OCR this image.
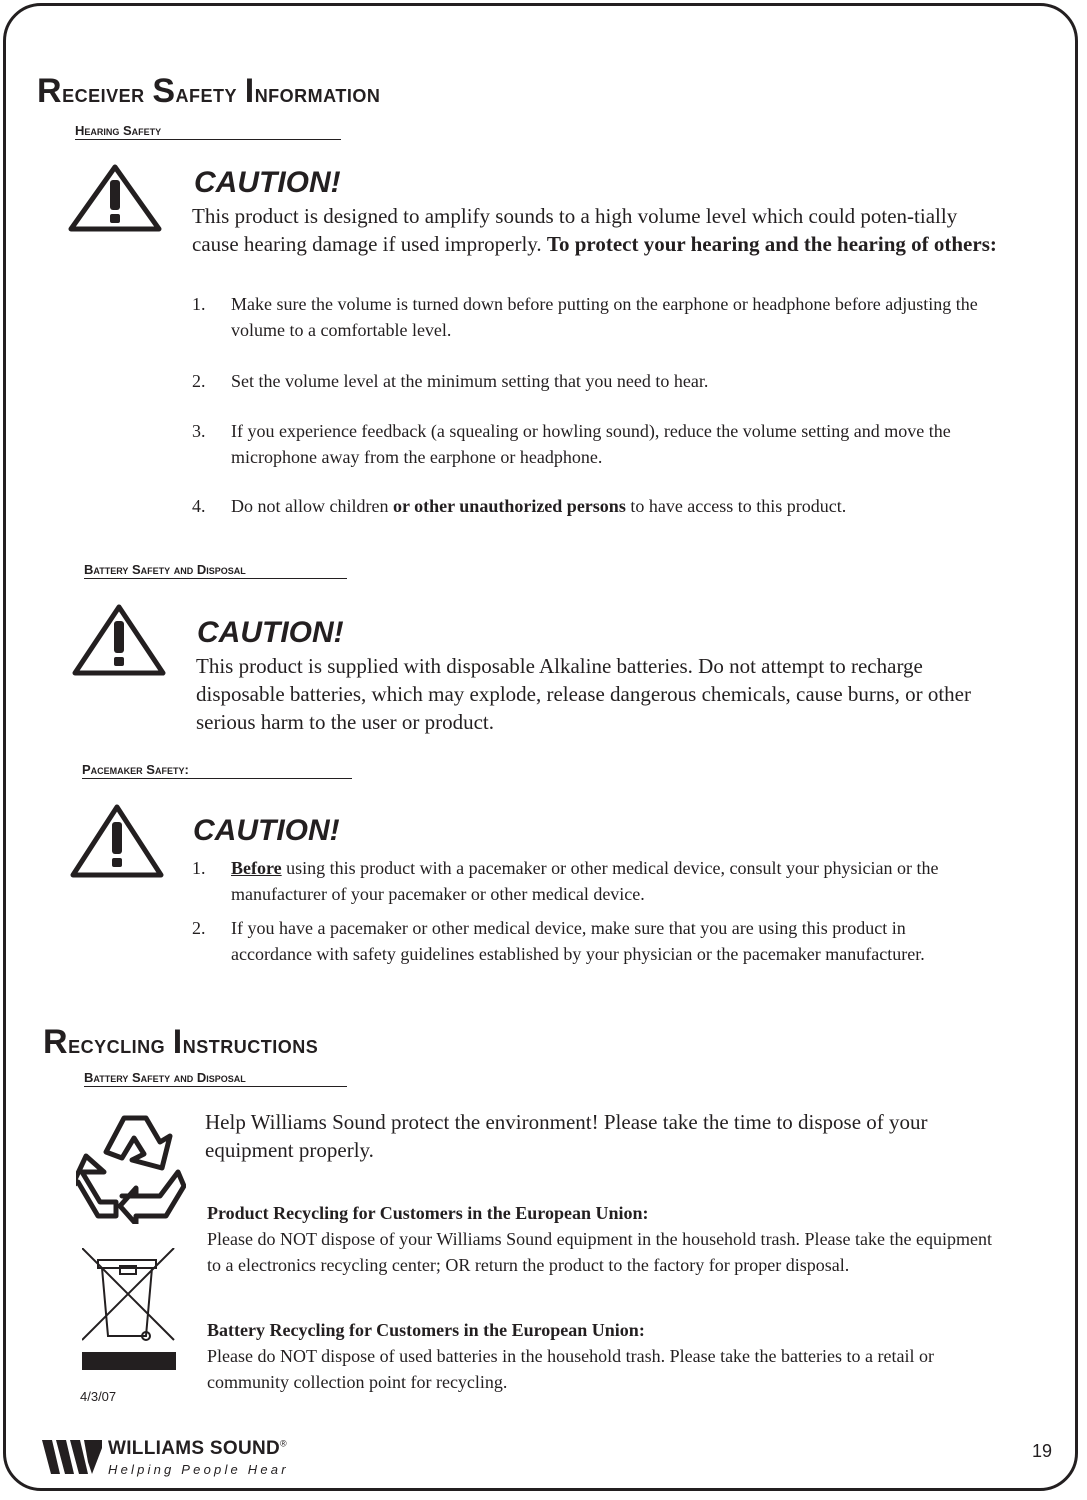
Receiver Safety Information
Hearing Safety
CAUTION!
This product is designed to amplify sounds to a high volume level which could poten-tially cause hearing damage if used improperly. To protect your hearing and the hearing of others:
1. Make sure the volume is turned down before putting on the earphone or headphone before adjusting the volume to a comfortable level.
2. Set the volume level at the minimum setting that you need to hear.
3. If you experience feedback (a squealing or howling sound), reduce the volume setting and move the microphone away from the earphone or headphone.
4. Do not allow children or other unauthorized persons to have access to this product.
Battery Safety and Disposal
CAUTION!
This product is supplied with disposable Alkaline batteries. Do not attempt to recharge disposable batteries, which may explode, release dangerous chemicals, cause burns, or other serious harm to the user or product.
Pacemaker Safety:
CAUTION!
1. Before using this product with a pacemaker or other medical device, consult your physician or the manufacturer of your pacemaker or other medical device.
2. If you have a pacemaker or other medical device, make sure that you are using this product in accordance with safety guidelines established by your physician or the pacemaker manufacturer.
Recycling Instructions
Battery Safety and Disposal
Help Williams Sound protect the environment! Please take the time to dispose of your equipment properly.
Product Recycling for Customers in the European Union:
Please do NOT dispose of your Williams Sound equipment in the household trash. Please take the equipment to a electronics recycling center; OR return the product to the factory for proper disposal.
Battery Recycling for Customers in the European Union:
Please do NOT dispose of used batteries in the household trash. Please take the batteries to a retail or community collection point for recycling.
4/3/07
WILLIAMS SOUND®
Helping People Hear
19
